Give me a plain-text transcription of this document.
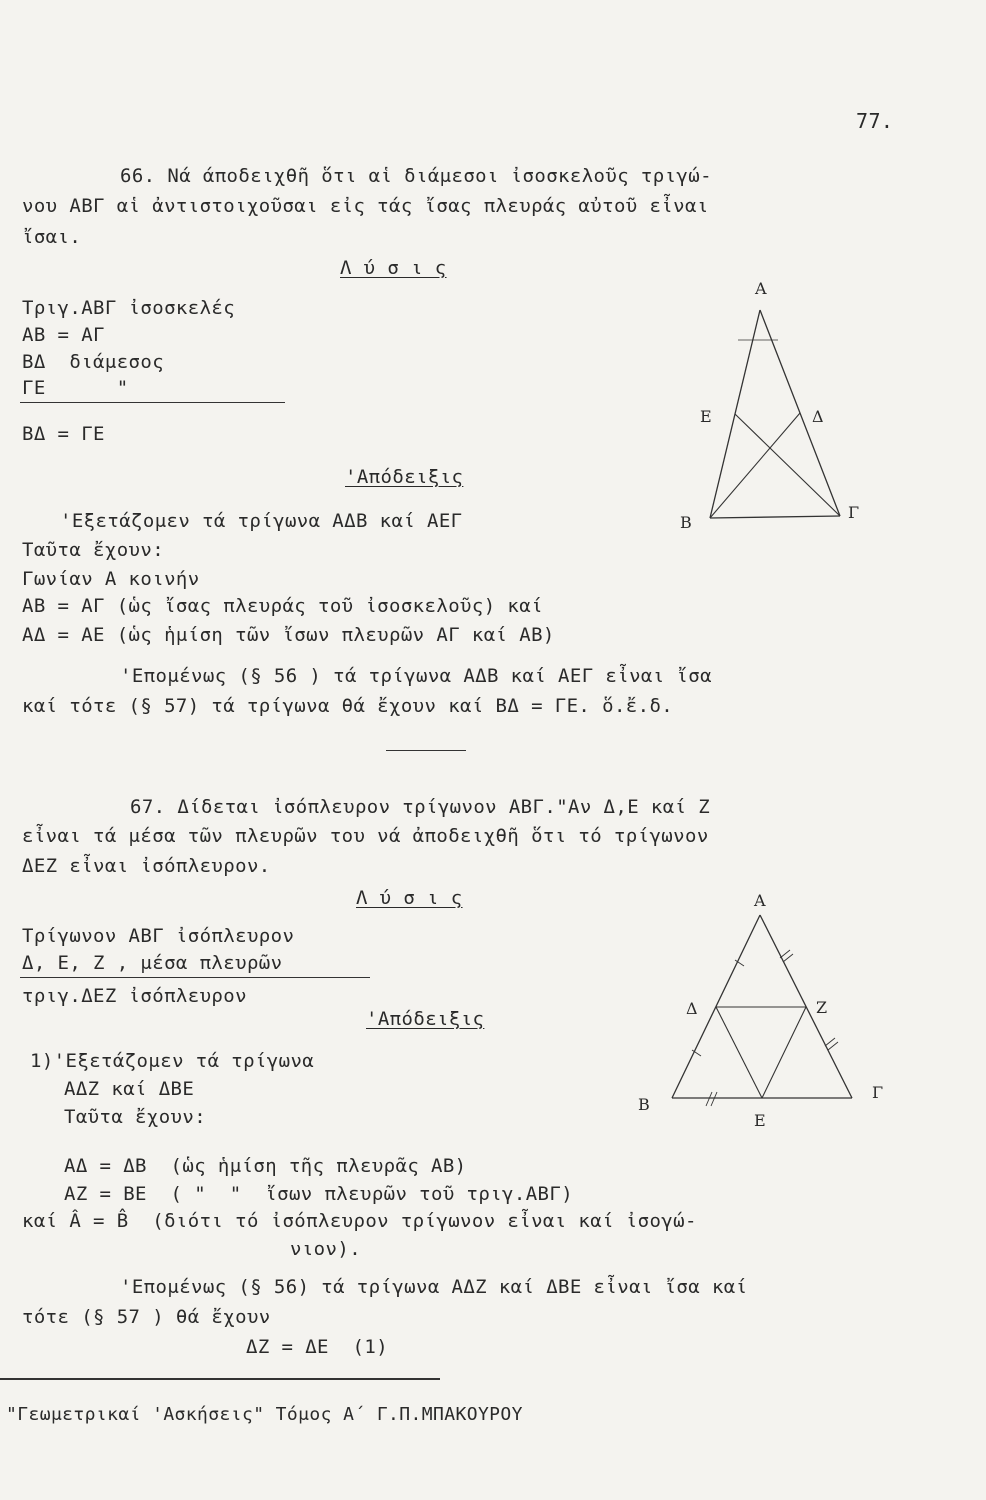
77.
66. Νά άποδειχθῆ ὅτι αἱ διάμεσοι ἰσοσκελοῦς τριγώ-
νου ΑΒΓ αἱ ἀντιστοιχοῦσαι εἰς τάς ἴσας πλευράς αὐτοῦ εἶναι
ἴσαι.
Λ ύ σ ι ς
Τριγ.ΑΒΓ ἰσοσκελές
ΑΒ = ΑΓ
ΒΔ  διάμεσος
ΓΕ      "
ΒΔ = ΓΕ
'Απόδειξις
'Εξετάζομεν τά τρίγωνα ΑΔΒ καί ΑΕΓ
Ταῦτα ἔχουν:
Γωνίαν Α κοινήν
ΑΒ = ΑΓ (ὡς ἴσας πλευράς τοῦ ἰσοσκελοῦς) καί
ΑΔ = ΑΕ (ὡς ἡμίση τῶν ἴσων πλευρῶν ΑΓ καί ΑΒ)
'Επομένως (§ 56 ) τά τρίγωνα ΑΔΒ καί ΑΕΓ εἶναι ἴσα
καί τότε (§ 57) τά τρίγωνα θά ἔχουν καί ΒΔ = ΓΕ. ὅ.ἔ.δ.
Α
Ε	Δ
Β
Γ
67. Δίδεται ἰσόπλευρον τρίγωνον ΑΒΓ."Αν Δ,Ε καί Ζ
εἶναι τά μέσα τῶν πλευρῶν του νά ἀποδειχθῆ ὅτι τό τρίγωνον
ΔΕΖ εἶναι ἰσόπλευρον.
Λ ύ σ ι ς
Τρίγωνον ΑΒΓ ἰσόπλευρον
Δ, Ε, Ζ , μέσα πλευρῶν
τριγ.ΔΕΖ ἰσόπλευρον
'Απόδειξις
1)'Εξετάζομεν τά τρίγωνα
ΑΔΖ καί ΔΒΕ
Ταῦτα ἔχουν:
ΑΔ = ΔΒ  (ὡς ἡμίση τῆς πλευρᾶς ΑΒ)
ΑΖ = ΒΕ  ( "  "  ἴσων πλευρῶν τοῦ τριγ.ΑΒΓ)
καί Â = B̂  (διότι τό ἰσόπλευρον τρίγωνον εἶναι καί ἰσογώ-
νιον).
'Επομένως (§ 56) τά τρίγωνα ΑΔΖ καί ΔΒΕ εἶναι ἴσα καί
τότε (§ 57 ) θά ἔχουν
ΔΖ = ΔΕ  (1)
Α
Δ	Ζ
Β
Γ
Ε
"Γεωμετρικαί 'Ασκήσεις" Τόμος Α΄ Γ.Π.ΜΠΑΚΟΥΡΟΥ
